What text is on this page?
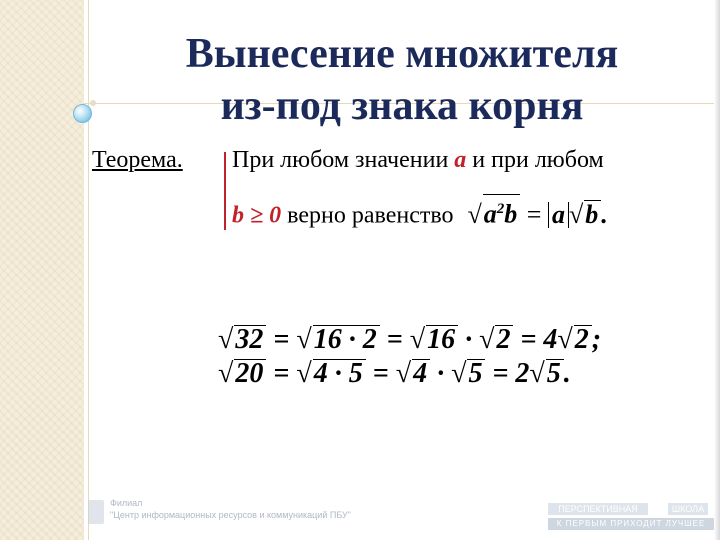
Вынесение множителя
из-под знака корня
Теорема. При любом значении a и при любом
b ≥ 0 верно равенство $√a^2b = a$ √b .
√32 = √16 · 2 = √16 · √2 = 4√2 ;
√20 = √4 · 5 = √4 · √5 = 2√5 .
Филиал
"Центр информационных ресурсов и коммуникаций ПБУ"
ПЕРСПЕКТИВНАЯ	ШКОЛА
К ПЕРВЫМ ПРИХОДИТ ЛУЧШЕЕ
